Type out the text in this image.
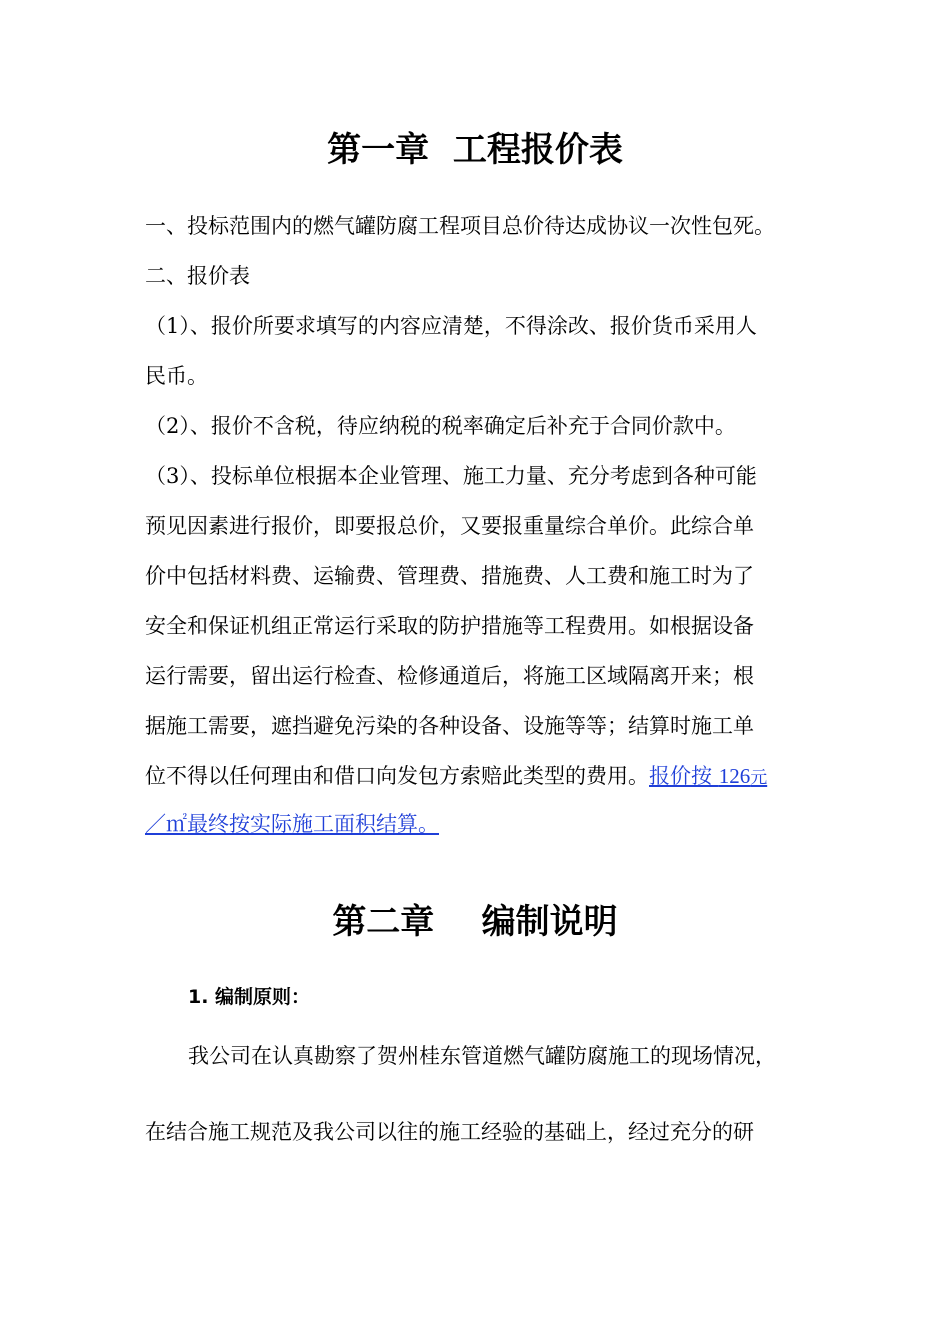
第一章  工程报价表

一、投标范围内的燃气罐防腐工程项目总价待达成协议一次性包死。

二、报价表

（1）、报价所要求填写的内容应清楚，不得涂改、报价货币采用人

民币。

（2）、报价不含税，待应纳税的税率确定后补充于合同价款中。

（3）、投标单位根据本企业管理、施工力量、充分考虑到各种可能

预见因素进行报价，即要报总价，又要报重量综合单价。此综合单

价中包括材料费、运输费、管理费、措施费、人工费和施工时为了

安全和保证机组正常运行采取的防护措施等工程费用。如根据设备

运行需要，留出运行检查、检修通道后，将施工区域隔离开来；根

据施工需要，遮挡避免污染的各种设备、设施等等；结算时施工单

位不得以任何理由和借口向发包方索赔此类型的费用。报价按 126元

／㎡最终按实际施工面积结算。

第二章    编制说明

1. 编制原则：

我公司在认真勘察了贺州桂东管道燃气罐防腐施工的现场情况，

在结合施工规范及我公司以往的施工经验的基础上，经过充分的研
